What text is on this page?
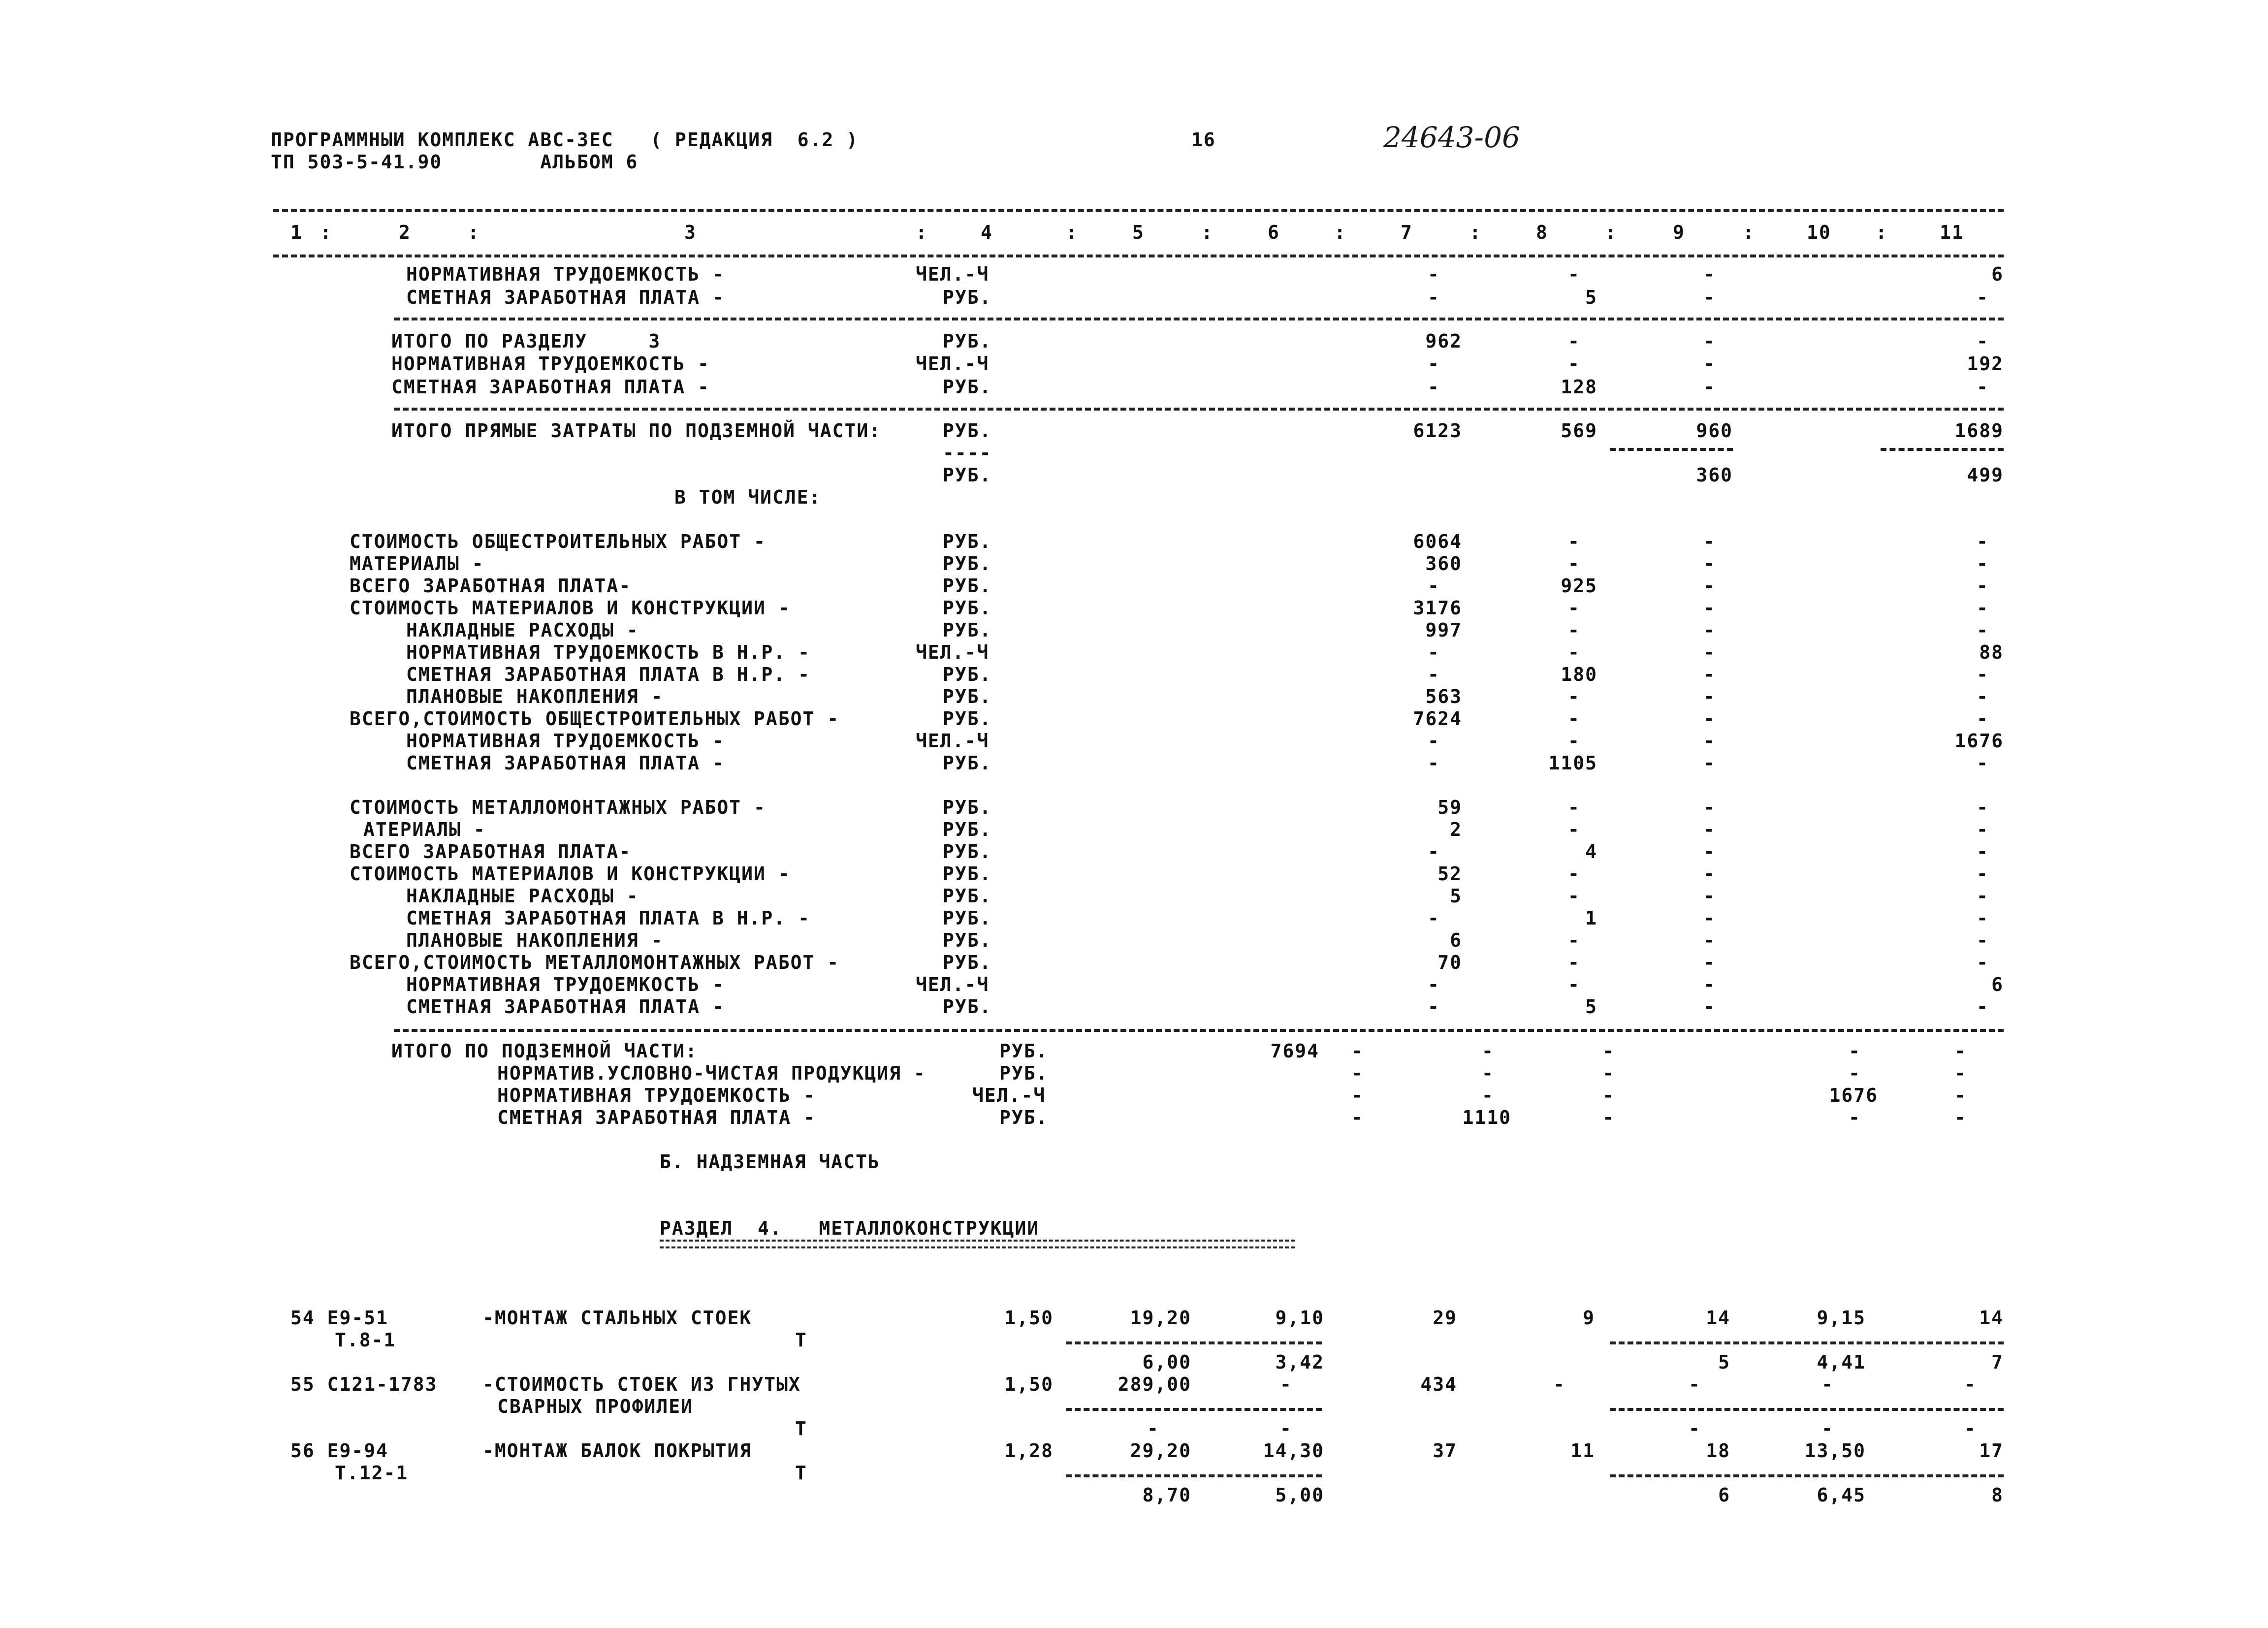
ПРОГРАММНЫИ КОМПЛЕКС АВС-3ЕС   ( РЕДАКЦИЯ  6.2 )
ТП 503-5-41.90        АЛЬБОМ 6
16	24643-06
1	2	3	4	5	6	7	8	9	10	11
:	:	:	:	:	:	:	:	:	:
НОРМАТИВНАЯ ТРУДОЕМКОСТЬ -	ЧЕЛ.-Ч	-	-	-	6
СМЕТНАЯ ЗАРАБОТНАЯ ПЛАТА -	РУБ.	-	5	-	-
ИТОГО ПО РАЗДЕЛУ     3	РУБ.	962	-	-	-
НОРМАТИВНАЯ ТРУДОЕМКОСТЬ -	ЧЕЛ.-Ч	-	-	-	192
СМЕТНАЯ ЗАРАБОТНАЯ ПЛАТА -	РУБ.	-	128	-	-
ИТОГО ПРЯМЫЕ ЗАТРАТЫ ПО ПОДЗЕМНОЙ ЧАСТИ:	РУБ.	6123	569	960	1689
----
РУБ.	360	499
В ТОМ ЧИСЛЕ:
СТОИМОСТЬ ОБЩЕСТРОИТЕЛЬНЫХ РАБОТ -	РУБ.	6064	-	-	-
МАТЕРИАЛЫ -	РУБ.	360	-	-	-
ВСЕГО ЗАРАБОТНАЯ ПЛАТА-	РУБ.	-	925	-	-
СТОИМОСТЬ МАТЕРИАЛОВ И КОНСТРУКЦИИ -	РУБ.	3176	-	-	-
НАКЛАДНЫЕ РАСХОДЫ -	РУБ.	997	-	-	-
НОРМАТИВНАЯ ТРУДОЕМКОСТЬ В Н.Р. -	ЧЕЛ.-Ч	-	-	-	88
СМЕТНАЯ ЗАРАБОТНАЯ ПЛАТА В Н.Р. -	РУБ.	-	180	-	-
ПЛАНОВЫЕ НАКОПЛЕНИЯ -	РУБ.	563	-	-	-
ВСЕГО,СТОИМОСТЬ ОБЩЕСТРОИТЕЛЬНЫХ РАБОТ -	РУБ.	7624	-	-	-
НОРМАТИВНАЯ ТРУДОЕМКОСТЬ -	ЧЕЛ.-Ч	-	-	-	1676
СМЕТНАЯ ЗАРАБОТНАЯ ПЛАТА -	РУБ.	-	1105	-	-
СТОИМОСТЬ МЕТАЛЛОМОНТАЖНЫХ РАБОТ -	РУБ.	59	-	-	-
АТЕРИАЛЫ -	РУБ.	2	-	-	-
ВСЕГО ЗАРАБОТНАЯ ПЛАТА-	РУБ.	-	4	-	-
СТОИМОСТЬ МАТЕРИАЛОВ И КОНСТРУКЦИИ -	РУБ.	52	-	-	-
НАКЛАДНЫЕ РАСХОДЫ -	РУБ.	5	-	-	-
СМЕТНАЯ ЗАРАБОТНАЯ ПЛАТА В Н.Р. -	РУБ.	-	1	-	-
ПЛАНОВЫЕ НАКОПЛЕНИЯ -	РУБ.	6	-	-	-
ВСЕГО,СТОИМОСТЬ МЕТАЛЛОМОНТАЖНЫХ РАБОТ -	РУБ.	70	-	-	-
НОРМАТИВНАЯ ТРУДОЕМКОСТЬ -	ЧЕЛ.-Ч	-	-	-	6
СМЕТНАЯ ЗАРАБОТНАЯ ПЛАТА -	РУБ.	-	5	-	-
ИТОГО ПО ПОДЗЕМНОЙ ЧАСТИ:	РУБ.	7694 -	-	-	-	-
НОРМАТИВ.УСЛОВНО-ЧИСТАЯ ПРОДУКЦИЯ -	РУБ.	-	-	-	-	-
НОРМАТИВНАЯ ТРУДОЕМКОСТЬ -	ЧЕЛ.-Ч	-	-	-	1676	-
СМЕТНАЯ ЗАРАБОТНАЯ ПЛАТА -	РУБ.	-	1110	-	-	-
Б. НАДЗЕМНАЯ ЧАСТЬ
РАЗДЕЛ  4.   МЕТАЛЛОКОНСТРУКЦИИ
54 Е9-51	-МОНТАЖ СТАЛЬНЫХ СТОЕК	1,50	19,20	9,10	29	9	14	9,15	14
Т.8-1	Т
6,00	3,42	5	4,41	7
55 С121-1783 -СТОИМОСТЬ СТОЕК ИЗ ГНУТЫХ	1,50	289,00	-	434	-	-	-	-
СВАРНЫХ ПРОФИЛЕИ
Т	-	-	-	-	-
56 Е9-94	-МОНТАЖ БАЛОК ПОКРЫТИЯ	1,28	29,20	14,30	37	11	18	13,50	17
Т.12-1	Т
8,70	5,00	6	6,45	8
